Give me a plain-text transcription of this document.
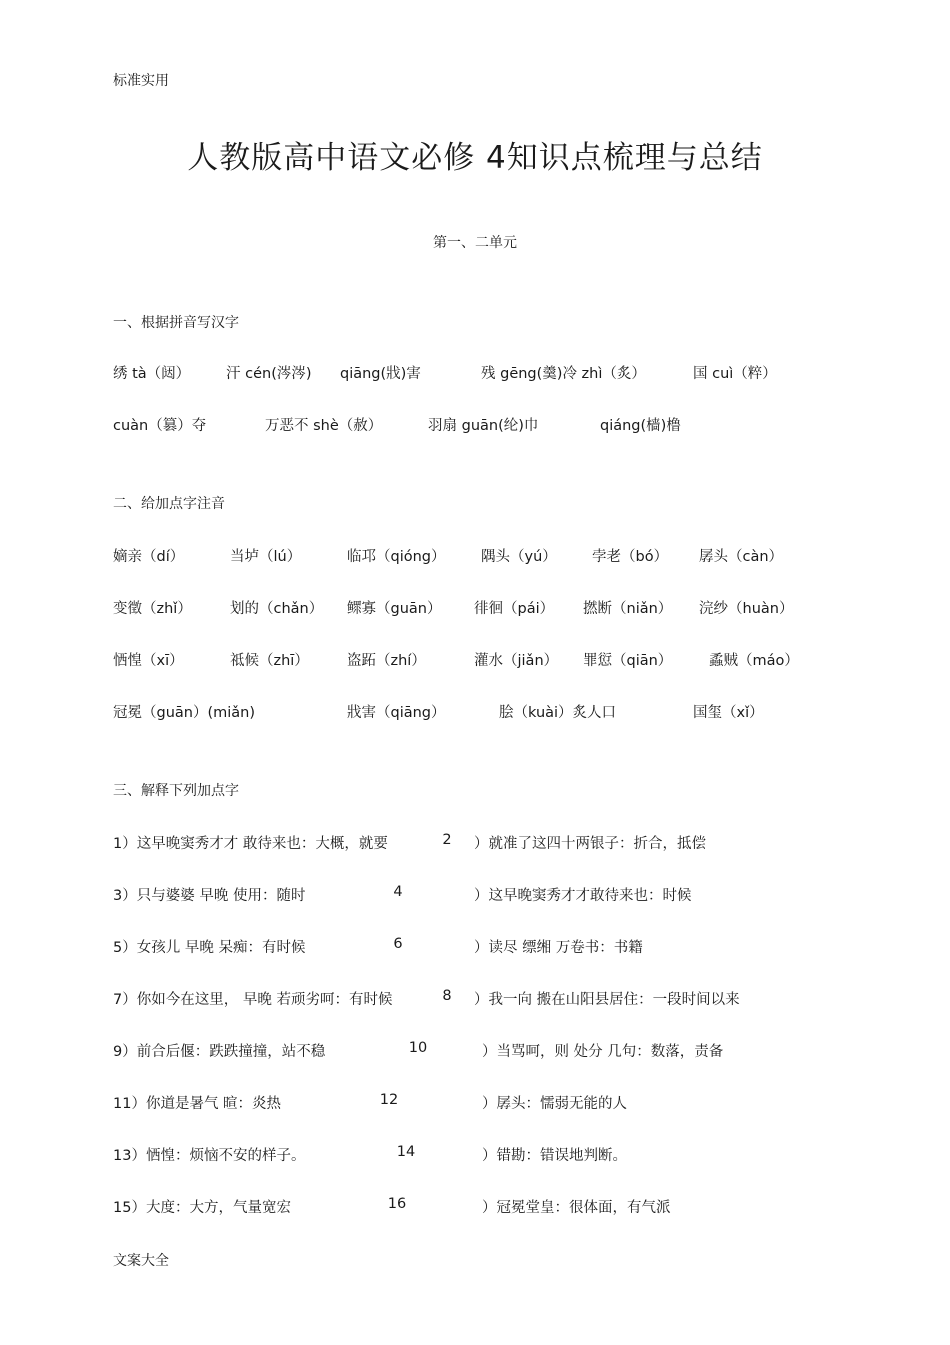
标准实用
人教版高中语文必修 4知识点梳理与总结
第一、二单元
一、根据拼音写汉字
绣 tà（闼） 汗 cén(涔涔) qiāng(戕)害	残 gēng(羹)冷 zhì（炙）	国 cuì（粹）
cuàn（篡）夺	万恶不 shè（赦）	羽扇 guān(纶)巾	qiáng(樯)橹
二、给加点字注音
嫡亲（dí）	当垆（lú）	临邛（qióng） 隅头（yú） 孛老（bó） 孱头（càn）
变徵（zhǐ）	划的（chǎn） 鳏寡（guān） 徘徊（pái） 撚断（niǎn） 浣纱（huàn）
恓惶（xī）	祗候（zhī）	盗跖（zhí）	灌水（jiǎn） 罪愆（qiān）	蟊贼（máo）
冠冕（guān）(miǎn)	戕害（qiāng）	脍（kuài）炙人口	国玺（xǐ）
三、解释下列加点字
1）这早晚窦秀才才 敢待来也：大概，就要	2	）就准了这四十两银子：折合，抵偿
3）只与婆婆 早晚 使用：随时	4	）这早晚窦秀才才敢待来也：时候
5）女孩儿 早晚 呆痴：有时候	6	）读尽 缥缃 万卷书：书籍
7）你如今在这里， 早晚 若顽劣呵：有时候	8	）我一向 搬在山阳县居住：一段时间以来
9）前合后偃：跌跌撞撞，站不稳	10	）当骂呵，则 处分 几句：数落，责备
11）你道是暑气 暄：炎热	12	）孱头：懦弱无能的人
13）恓惶：烦恼不安的样子。	14	）错勘：错误地判断。
15）大度：大方，气量宽宏	16	）冠冕堂皇：很体面，有气派
文案大全
